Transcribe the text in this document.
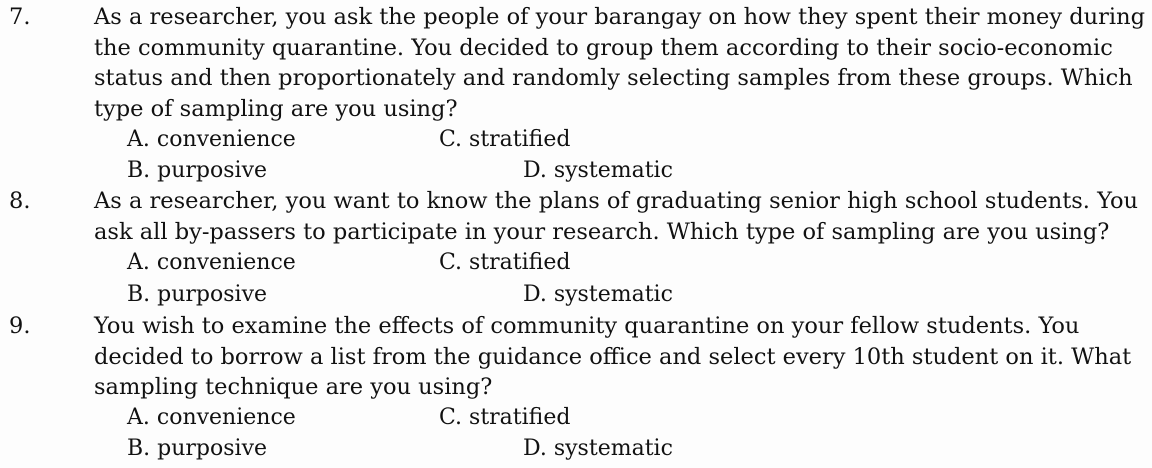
7.	As a researcher, you ask the people of your barangay on how they spent their money during
the community quarantine. You decided to group them according to their socio-economic
status and then proportionately and randomly selecting samples from these groups. Which
type of sampling are you using?
A. convenience	C. stratified
B. purposive	D. systematic
8.	As a researcher, you want to know the plans of graduating senior high school students. You
ask all by-passers to participate in your research. Which type of sampling are you using?
A. convenience	C. stratified
B. purposive	D. systematic
9.	You wish to examine the effects of community quarantine on your fellow students. You
decided to borrow a list from the guidance office and select every 10th student on it. What
sampling technique are you using?
A. convenience	C. stratified
B. purposive	D. systematic
